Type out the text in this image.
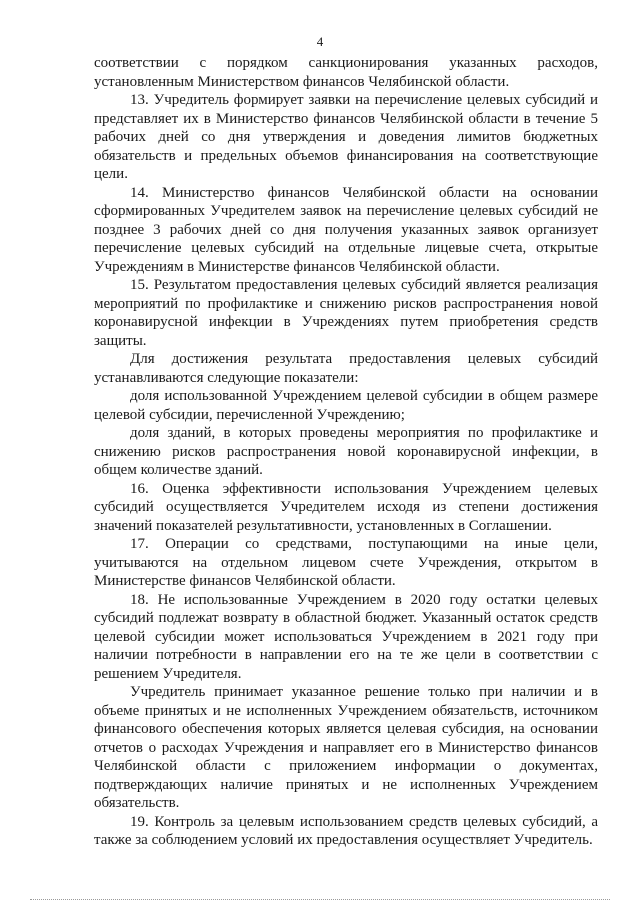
4

соответствии с порядком санкционирования указанных расходов, установленным Министерством финансов Челябинской области.

13. Учредитель формирует заявки на перечисление целевых субсидий и представляет их в Министерство финансов Челябинской области в течение 5 рабочих дней со дня утверждения и доведения лимитов бюджетных обязательств и предельных объемов финансирования на соответствующие цели.

14. Министерство финансов Челябинской области на основании сформированных Учредителем заявок на перечисление целевых субсидий не позднее 3 рабочих дней со дня получения указанных заявок организует перечисление целевых субсидий на отдельные лицевые счета, открытые Учреждениям в Министерстве финансов Челябинской области.

15. Результатом предоставления целевых субсидий является реализация мероприятий по профилактике и снижению рисков распространения новой коронавирусной инфекции в Учреждениях путем приобретения средств защиты.

Для достижения результата предоставления целевых субсидий устанавливаются следующие показатели:

доля использованной Учреждением целевой субсидии в общем размере целевой субсидии, перечисленной Учреждению;

доля зданий, в которых проведены мероприятия по профилактике и снижению рисков распространения новой коронавирусной инфекции, в общем количестве зданий.

16. Оценка эффективности использования Учреждением целевых субсидий осуществляется Учредителем исходя из степени достижения значений показателей результативности, установленных в Соглашении.

17. Операции со средствами, поступающими на иные цели, учитываются на отдельном лицевом счете Учреждения, открытом в Министерстве финансов Челябинской области.

18. Не использованные Учреждением в 2020 году остатки целевых субсидий подлежат возврату в областной бюджет. Указанный остаток средств целевой субсидии может использоваться Учреждением в 2021 году при наличии потребности в направлении его на те же цели в соответствии с решением Учредителя.

Учредитель принимает указанное решение только при наличии и в объеме принятых и не исполненных Учреждением обязательств, источником финансового обеспечения которых является целевая субсидия, на основании отчетов о расходах Учреждения и направляет его в Министерство финансов Челябинской области с приложением информации о документах, подтверждающих наличие принятых и не исполненных Учреждением обязательств.

19. Контроль за целевым использованием средств целевых субсидий, а также за соблюдением условий их предоставления осуществляет Учредитель.
